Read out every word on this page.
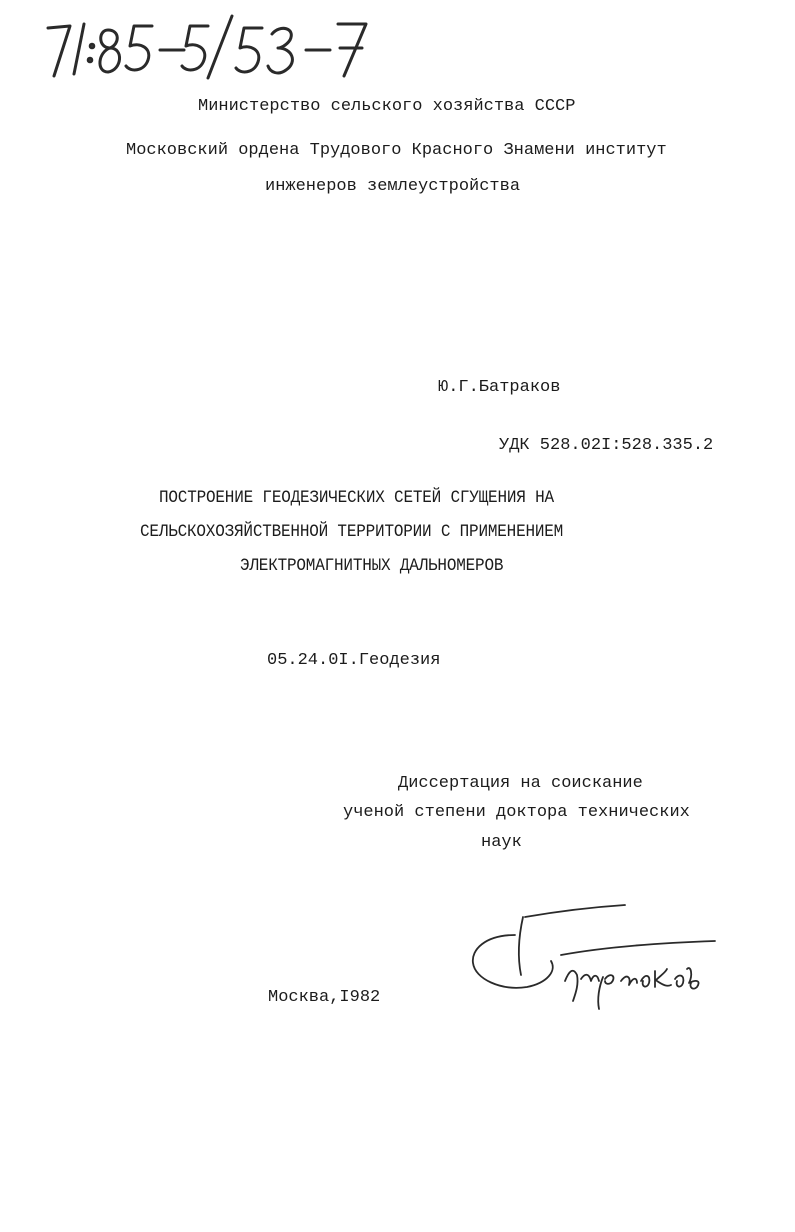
Министерство сельского хозяйства СССР
Московский ордена Трудового Красного Знамени институт
инженеров землеустройства
Ю.Г.Батраков
УДК 528.02I:528.335.2
ПОСТРОЕНИЕ ГЕОДЕЗИЧЕСКИХ СЕТЕЙ СГУЩЕНИЯ НА
СЕЛЬСКОХОЗЯЙСТВЕННОЙ ТЕРРИТОРИИ С ПРИМЕНЕНИЕМ
ЭЛЕКТРОМАГНИТНЫХ ДАЛЬНОМЕРОВ
05.24.0I.Геодезия
Диссертация на соискание
ученой степени доктора технических
наук
Москва,I982
